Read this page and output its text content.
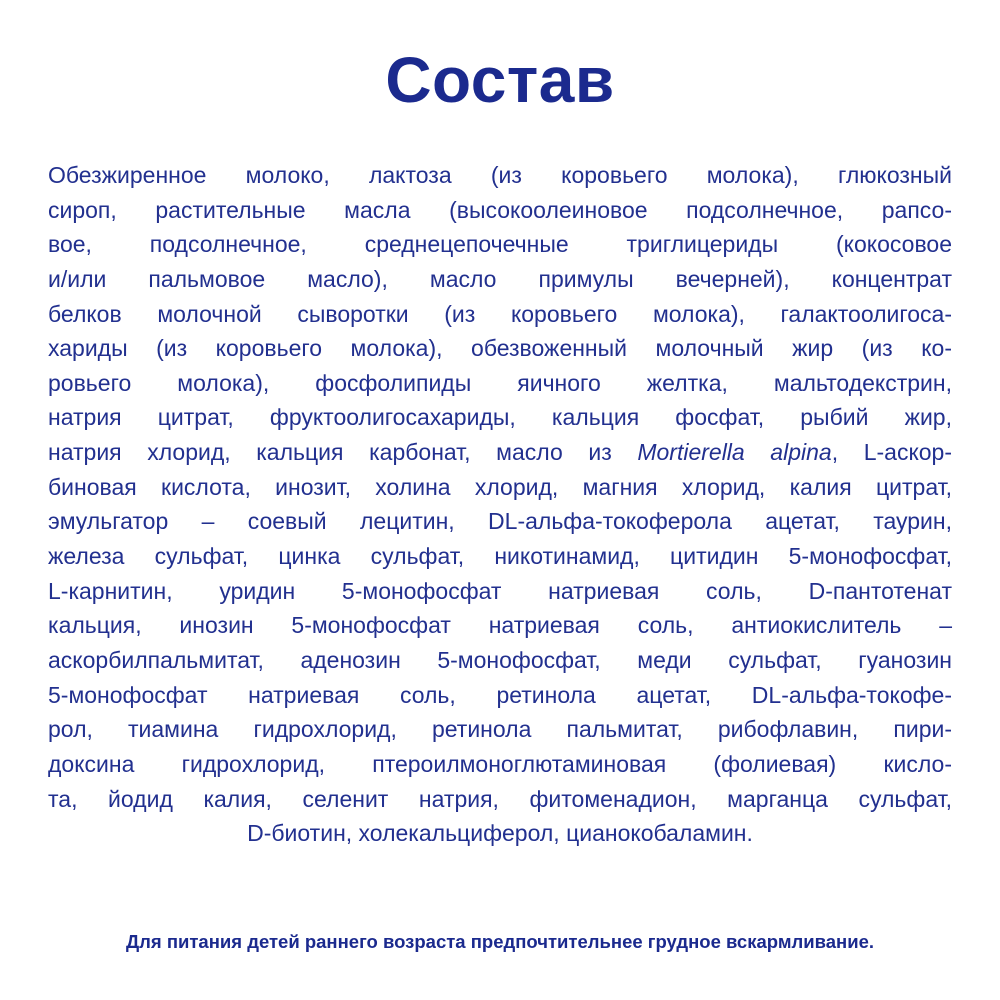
Состав
Обезжиренное молоко, лактоза (из коровьего молока), глюкозный
сироп, растительные масла (высокоолеиновое подсолнечное, рапсо-
вое, подсолнечное, среднецепочечные триглицериды (кокосовое
и/или пальмовое масло), масло примулы вечерней), концентрат
белков молочной сыворотки (из коровьего молока), галактоолигоса-
хариды (из коровьего молока), обезвоженный молочный жир (из ко-
ровьего молока), фосфолипиды яичного желтка, мальтодекстрин,
натрия цитрат, фруктоолигосахариды, кальция фосфат, рыбий жир,
натрия хлорид, кальция карбонат, масло из Mortierella alpina, L-аскор-
биновая кислота, инозит, холина хлорид, магния хлорид, калия цитрат,
эмульгатор – соевый лецитин, DL-альфа-токоферола ацетат, таурин,
железа сульфат, цинка сульфат, никотинамид, цитидин 5-монофосфат,
L-карнитин, уридин 5-монофосфат натриевая соль, D-пантотенат
кальция, инозин 5-монофосфат натриевая соль, антиокислитель –
аскорбилпальмитат, аденозин 5-монофосфат, меди сульфат, гуанозин
5-монофосфат натриевая соль, ретинола ацетат, DL-альфа-токофе-
рол, тиамина гидрохлорид, ретинола пальмитат, рибофлавин, пири-
доксина гидрохлорид, птероилмоноглютаминовая (фолиевая) кисло-
та, йодид калия, селенит натрия, фитоменадион, марганца сульфат,
D-биотин, холекальциферол, цианокобаламин.

Для питания детей раннего возраста предпочтительнее грудное вскармливание.
